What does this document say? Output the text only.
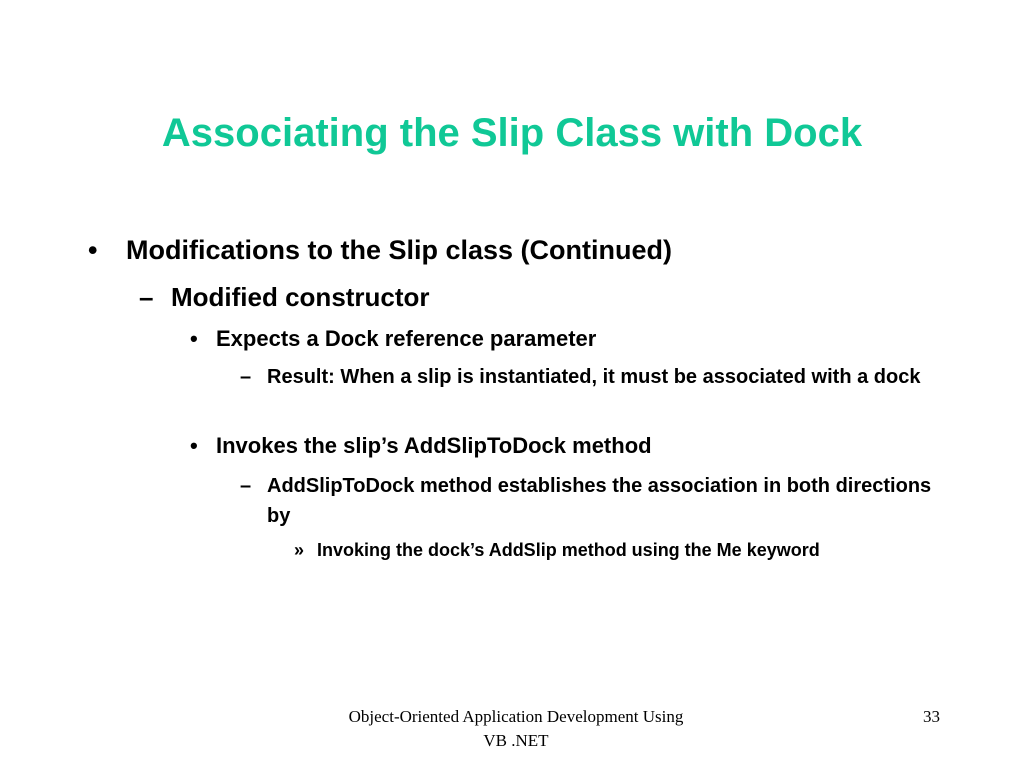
Associating the Slip Class with Dock
• Modifications to the Slip class (Continued)
– Modified constructor
• Expects a Dock reference parameter
– Result: When a slip is instantiated, it must be associated with a dock
• Invokes the slip’s AddSlipToDock method
– AddSlipToDock method establishes the association in both directions by
» Invoking the dock’s AddSlip method using the Me keyword
Object-Oriented Application Development Using
VB .NET
33
